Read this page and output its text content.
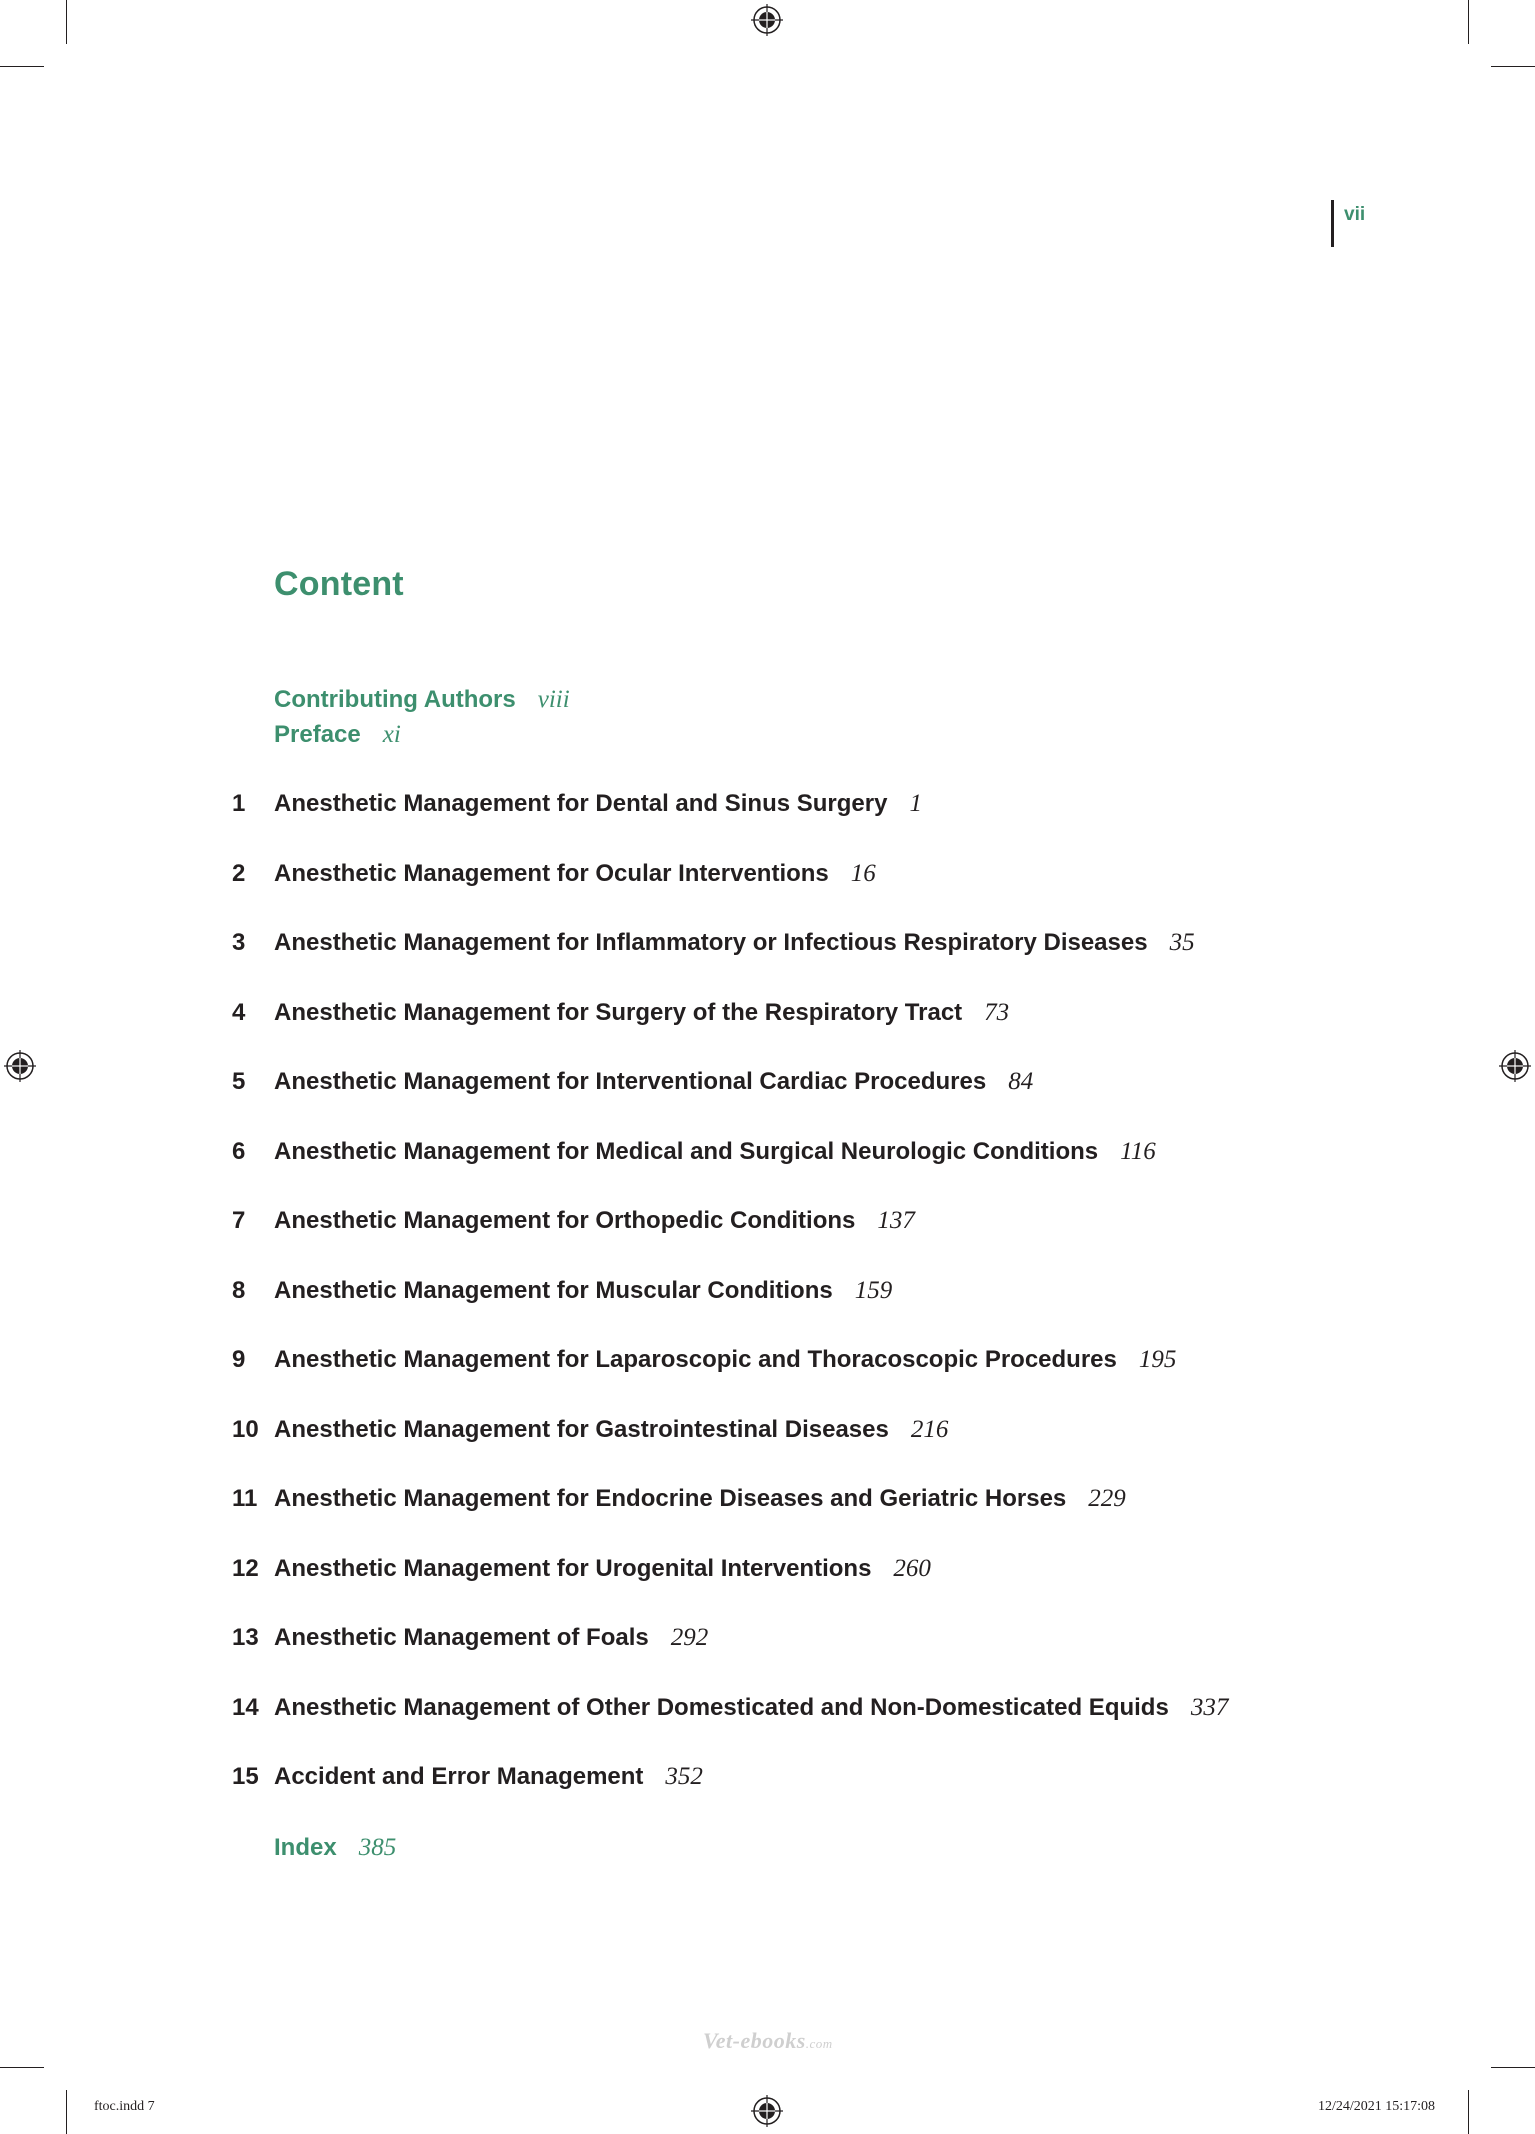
vii
Content
Contributing Authors viii
Preface xi
1 Anesthetic Management for Dental and Sinus Surgery 1
2 Anesthetic Management for Ocular Interventions 16
3 Anesthetic Management for Inflammatory or Infectious Respiratory Diseases 35
4 Anesthetic Management for Surgery of the Respiratory Tract 73
5 Anesthetic Management for Interventional Cardiac Procedures 84
6 Anesthetic Management for Medical and Surgical Neurologic Conditions 116
7 Anesthetic Management for Orthopedic Conditions 137
8 Anesthetic Management for Muscular Conditions 159
9 Anesthetic Management for Laparoscopic and Thoracoscopic Procedures 195
10 Anesthetic Management for Gastrointestinal Diseases 216
11 Anesthetic Management for Endocrine Diseases and Geriatric Horses 229
12 Anesthetic Management for Urogenital Interventions 260
13 Anesthetic Management of Foals 292
14 Anesthetic Management of Other Domesticated and Non-Domesticated Equids 337
15 Accident and Error Management 352
Index 385
Vet-ebooks.com
ftoc.indd 7	12/24/2021 15:17:08
